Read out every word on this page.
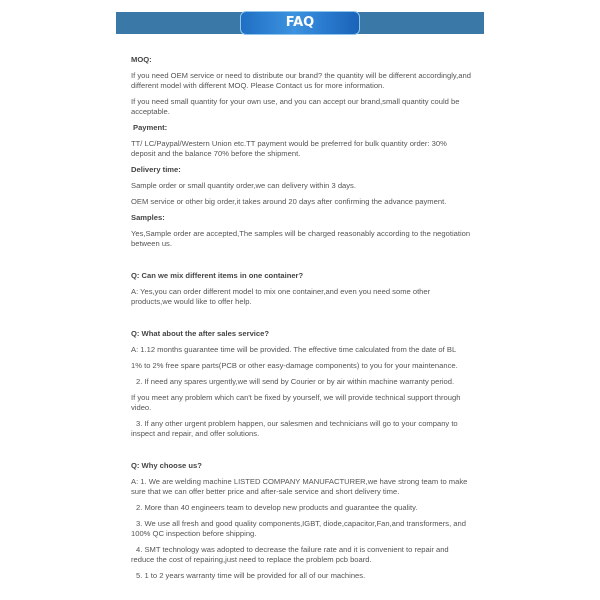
FAQ
MOQ:
If you need OEM service or need to distribute our brand? the quantity will be different accordingly,and different model with different MOQ. Please Contact us for more information.
If you need small quantity for your own use, and you can accept our brand,small quantity could be acceptable.
Payment:
TT/ LC/Paypal/Western Union etc.TT payment would be preferred for bulk quantity order: 30% deposit and the balance 70% before the shipment.
Delivery time:
Sample order or small quantity order,we can delivery within 3 days.
OEM service or other big order,it takes around 20 days after confirming the advance payment.
Samples:
Yes,Sample order are accepted,The samples will be charged reasonably according to the negotiation between us.
Q: Can we mix different items in one container?
A: Yes,you can order different model to mix one container,and even you need some other products,we would like to offer help.
Q: What about the after sales service?
A: 1.12 months guarantee time will be provided. The effective time calculated from the date of BL
1% to 2% free spare parts(PCB or other easy-damage components) to you for your maintenance.
2. If need any spares urgently,we will send by Courier or by air within machine warranty period.
If you meet any problem which can't be fixed by yourself, we will provide technical support through video.
3. If any other urgent problem happen, our salesmen and technicians will go to your company to inspect and repair, and offer solutions.
Q: Why choose us?
A: 1. We are welding machine LISTED COMPANY MANUFACTURER,we have strong team to make sure that we can offer better price and after-sale service and short delivery time.
2. More than 40 engineers team to develop new products and guarantee the quality.
3. We use all fresh and good quality components,IGBT, diode,capacitor,Fan,and transformers, and 100% QC inspection before shipping.
4. SMT technology was adopted to decrease the failure rate and it is convenient to repair and reduce the cost of repairing,just need to replace the problem pcb board.
5. 1 to 2 years warranty time will be provided for all of our machines.
